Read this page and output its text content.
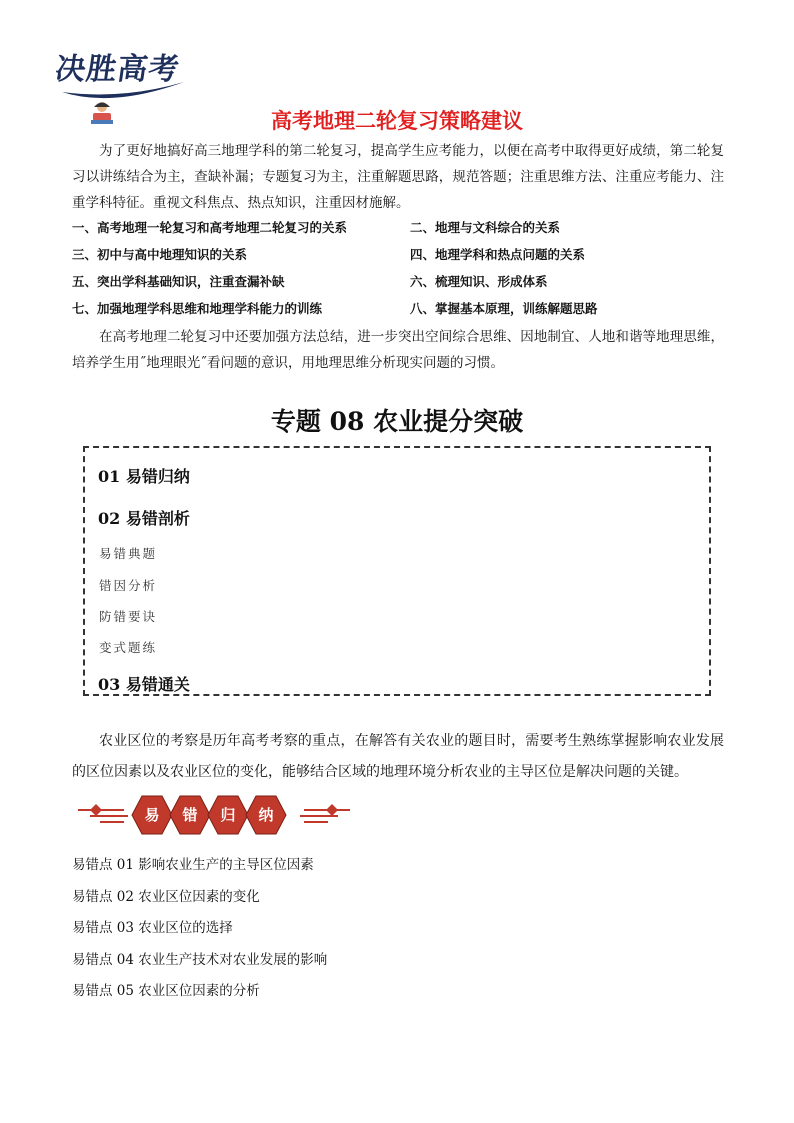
决胜高考
高考地理二轮复习策略建议
为了更好地搞好高三地理学科的第二轮复习，提高学生应考能力，以便在高考中取得更好成绩，第二轮复习以讲练结合为主，查缺补漏；专题复习为主，注重解题思路，规范答题；注重思维方法、注重应考能力、注重学科特征。重视文科焦点、热点知识，注重因材施解。
一、高考地理一轮复习和高考地理二轮复习的关系	二、地理与文科综合的关系
三、初中与高中地理知识的关系	四、地理学科和热点问题的关系
五、突出学科基础知识，注重查漏补缺	六、梳理知识、形成体系
七、加强地理学科思维和地理学科能力的训练	八、掌握基本原理，训练解题思路
在高考地理二轮复习中还要加强方法总结，进一步突出空间综合思维、因地制宜、人地和谐等地理思维，培养学生用˝地理眼光˝看问题的意识，用地理思维分析现实问题的习惯。
专题 08 农业提分突破
01 易错归纳
02 易错剖析
易错典题
错因分析
防错要诀
变式题练
03 易错通关
农业区位的考察是历年高考考察的重点，在解答有关农业的题目时，需要考生熟练掌握影响农业发展的区位因素以及农业区位的变化，能够结合区域的地理环境分析农业的主导区位是解决问题的关键。
易	错	归	纳
易错点 01 影响农业生产的主导区位因素
易错点 02 农业区位因素的变化
易错点 03 农业区位的选择
易错点 04 农业生产技术对农业发展的影响
易错点 05 农业区位因素的分析
